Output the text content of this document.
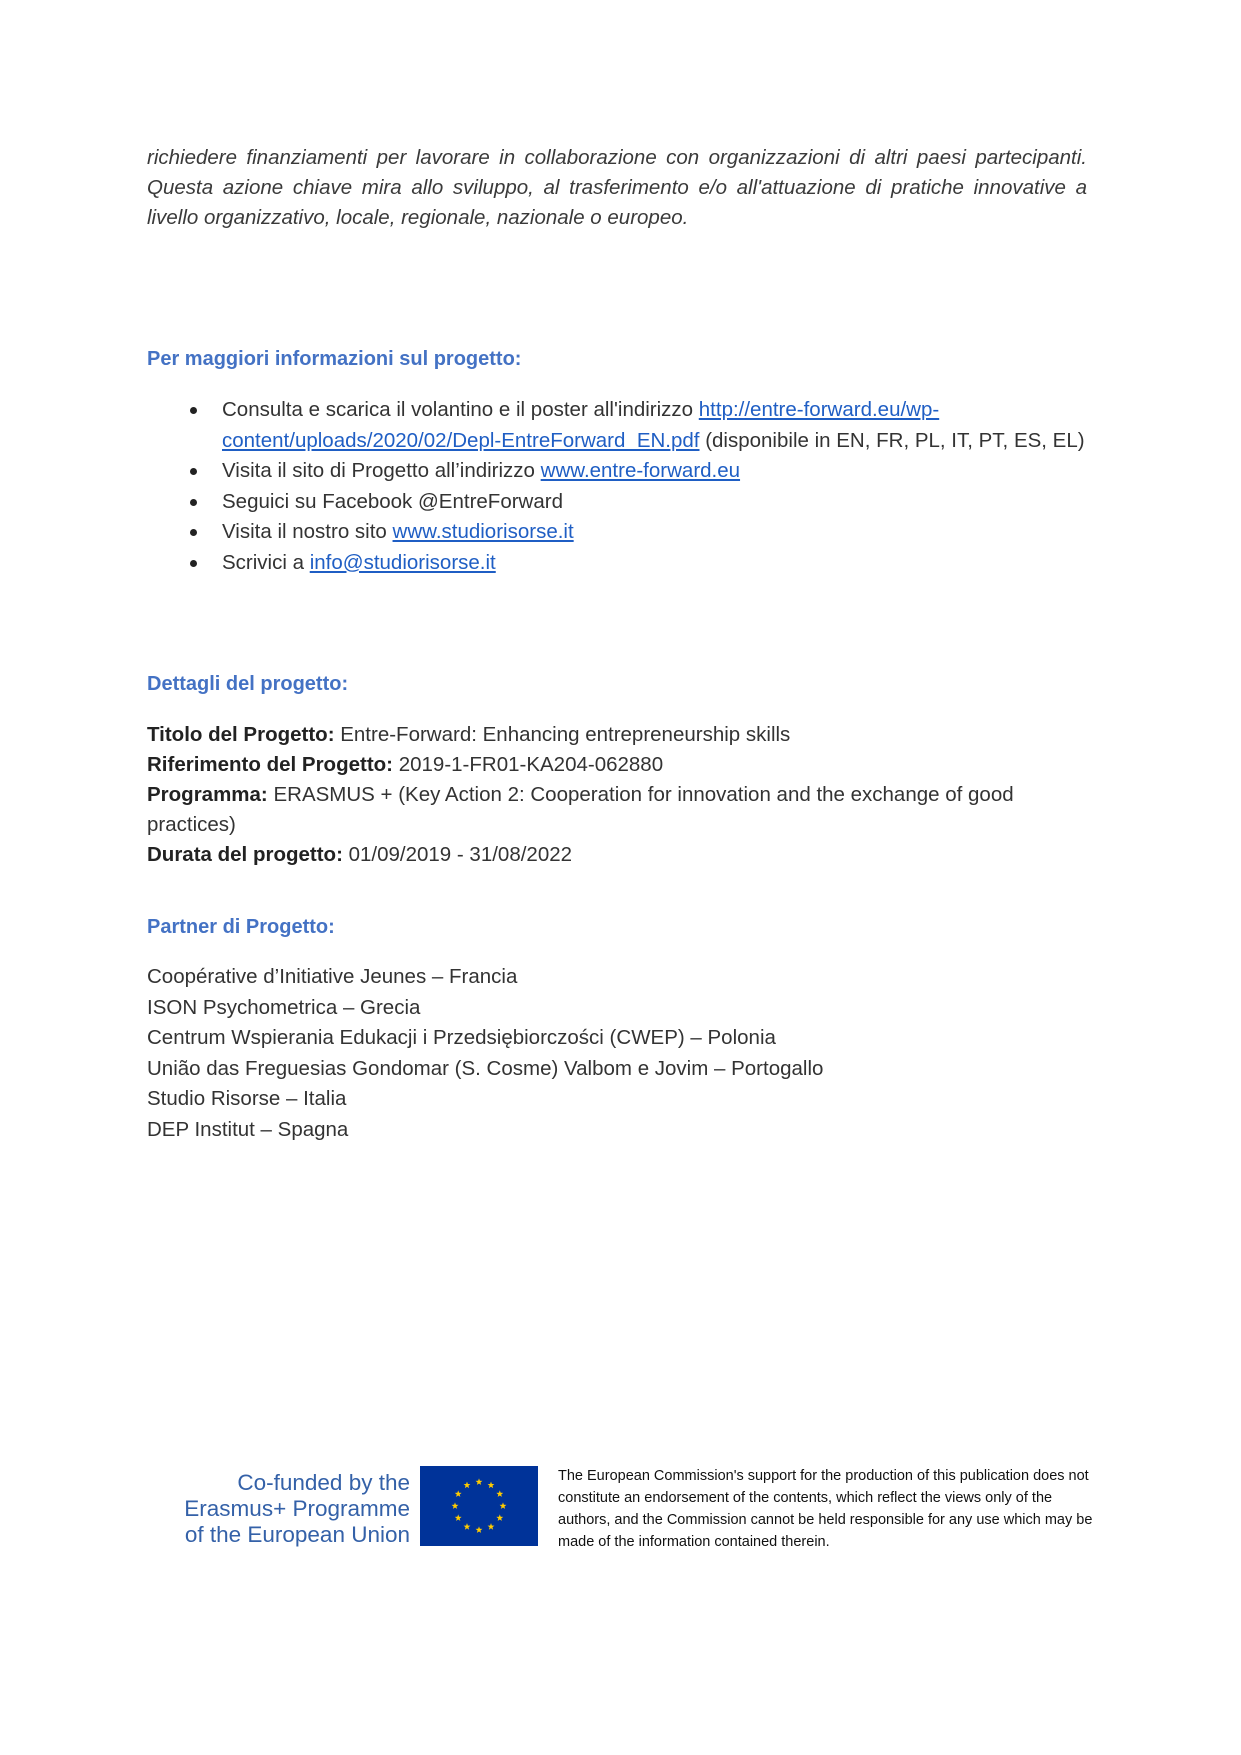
richiedere finanziamenti per lavorare in collaborazione con organizzazioni di altri paesi partecipanti. Questa azione chiave mira allo sviluppo, al trasferimento e/o all'attuazione di pratiche innovative a livello organizzativo, locale, regionale, nazionale o europeo.
Per maggiori informazioni sul progetto:
Consulta e scarica il volantino e il poster all'indirizzo http://entre-forward.eu/wp-content/uploads/2020/02/Depl-EntreForward_EN.pdf (disponibile in EN, FR, PL, IT, PT, ES, EL)
Visita il sito di Progetto all’indirizzo www.entre-forward.eu
Seguici su Facebook @EntreForward
Visita il nostro sito www.studiorisorse.it
Scrivici a info@studiorisorse.it
Dettagli del progetto:
Titolo del Progetto: Entre-Forward: Enhancing entrepreneurship skills
Riferimento del Progetto: 2019-1-FR01-KA204-062880
Programma: ERASMUS + (Key Action 2: Cooperation for innovation and the exchange of good practices)
Durata del progetto: 01/09/2019 - 31/08/2022
Partner di Progetto:
Coopérative d’Initiative Jeunes – Francia
ISON Psychometrica – Grecia
Centrum Wspierania Edukacji i Przedsiębiorczości (CWEP) – Polonia
União das Freguesias Gondomar (S. Cosme) Valbom e Jovim – Portogallo
Studio Risorse – Italia
DEP Institut – Spagna
Co-funded by the
Erasmus+ Programme
of the European Union
The European Commission's support for the production of this publication does not constitute an endorsement of the contents, which reflect the views only of the authors, and the Commission cannot be held responsible for any use which may be made of the information contained therein.
